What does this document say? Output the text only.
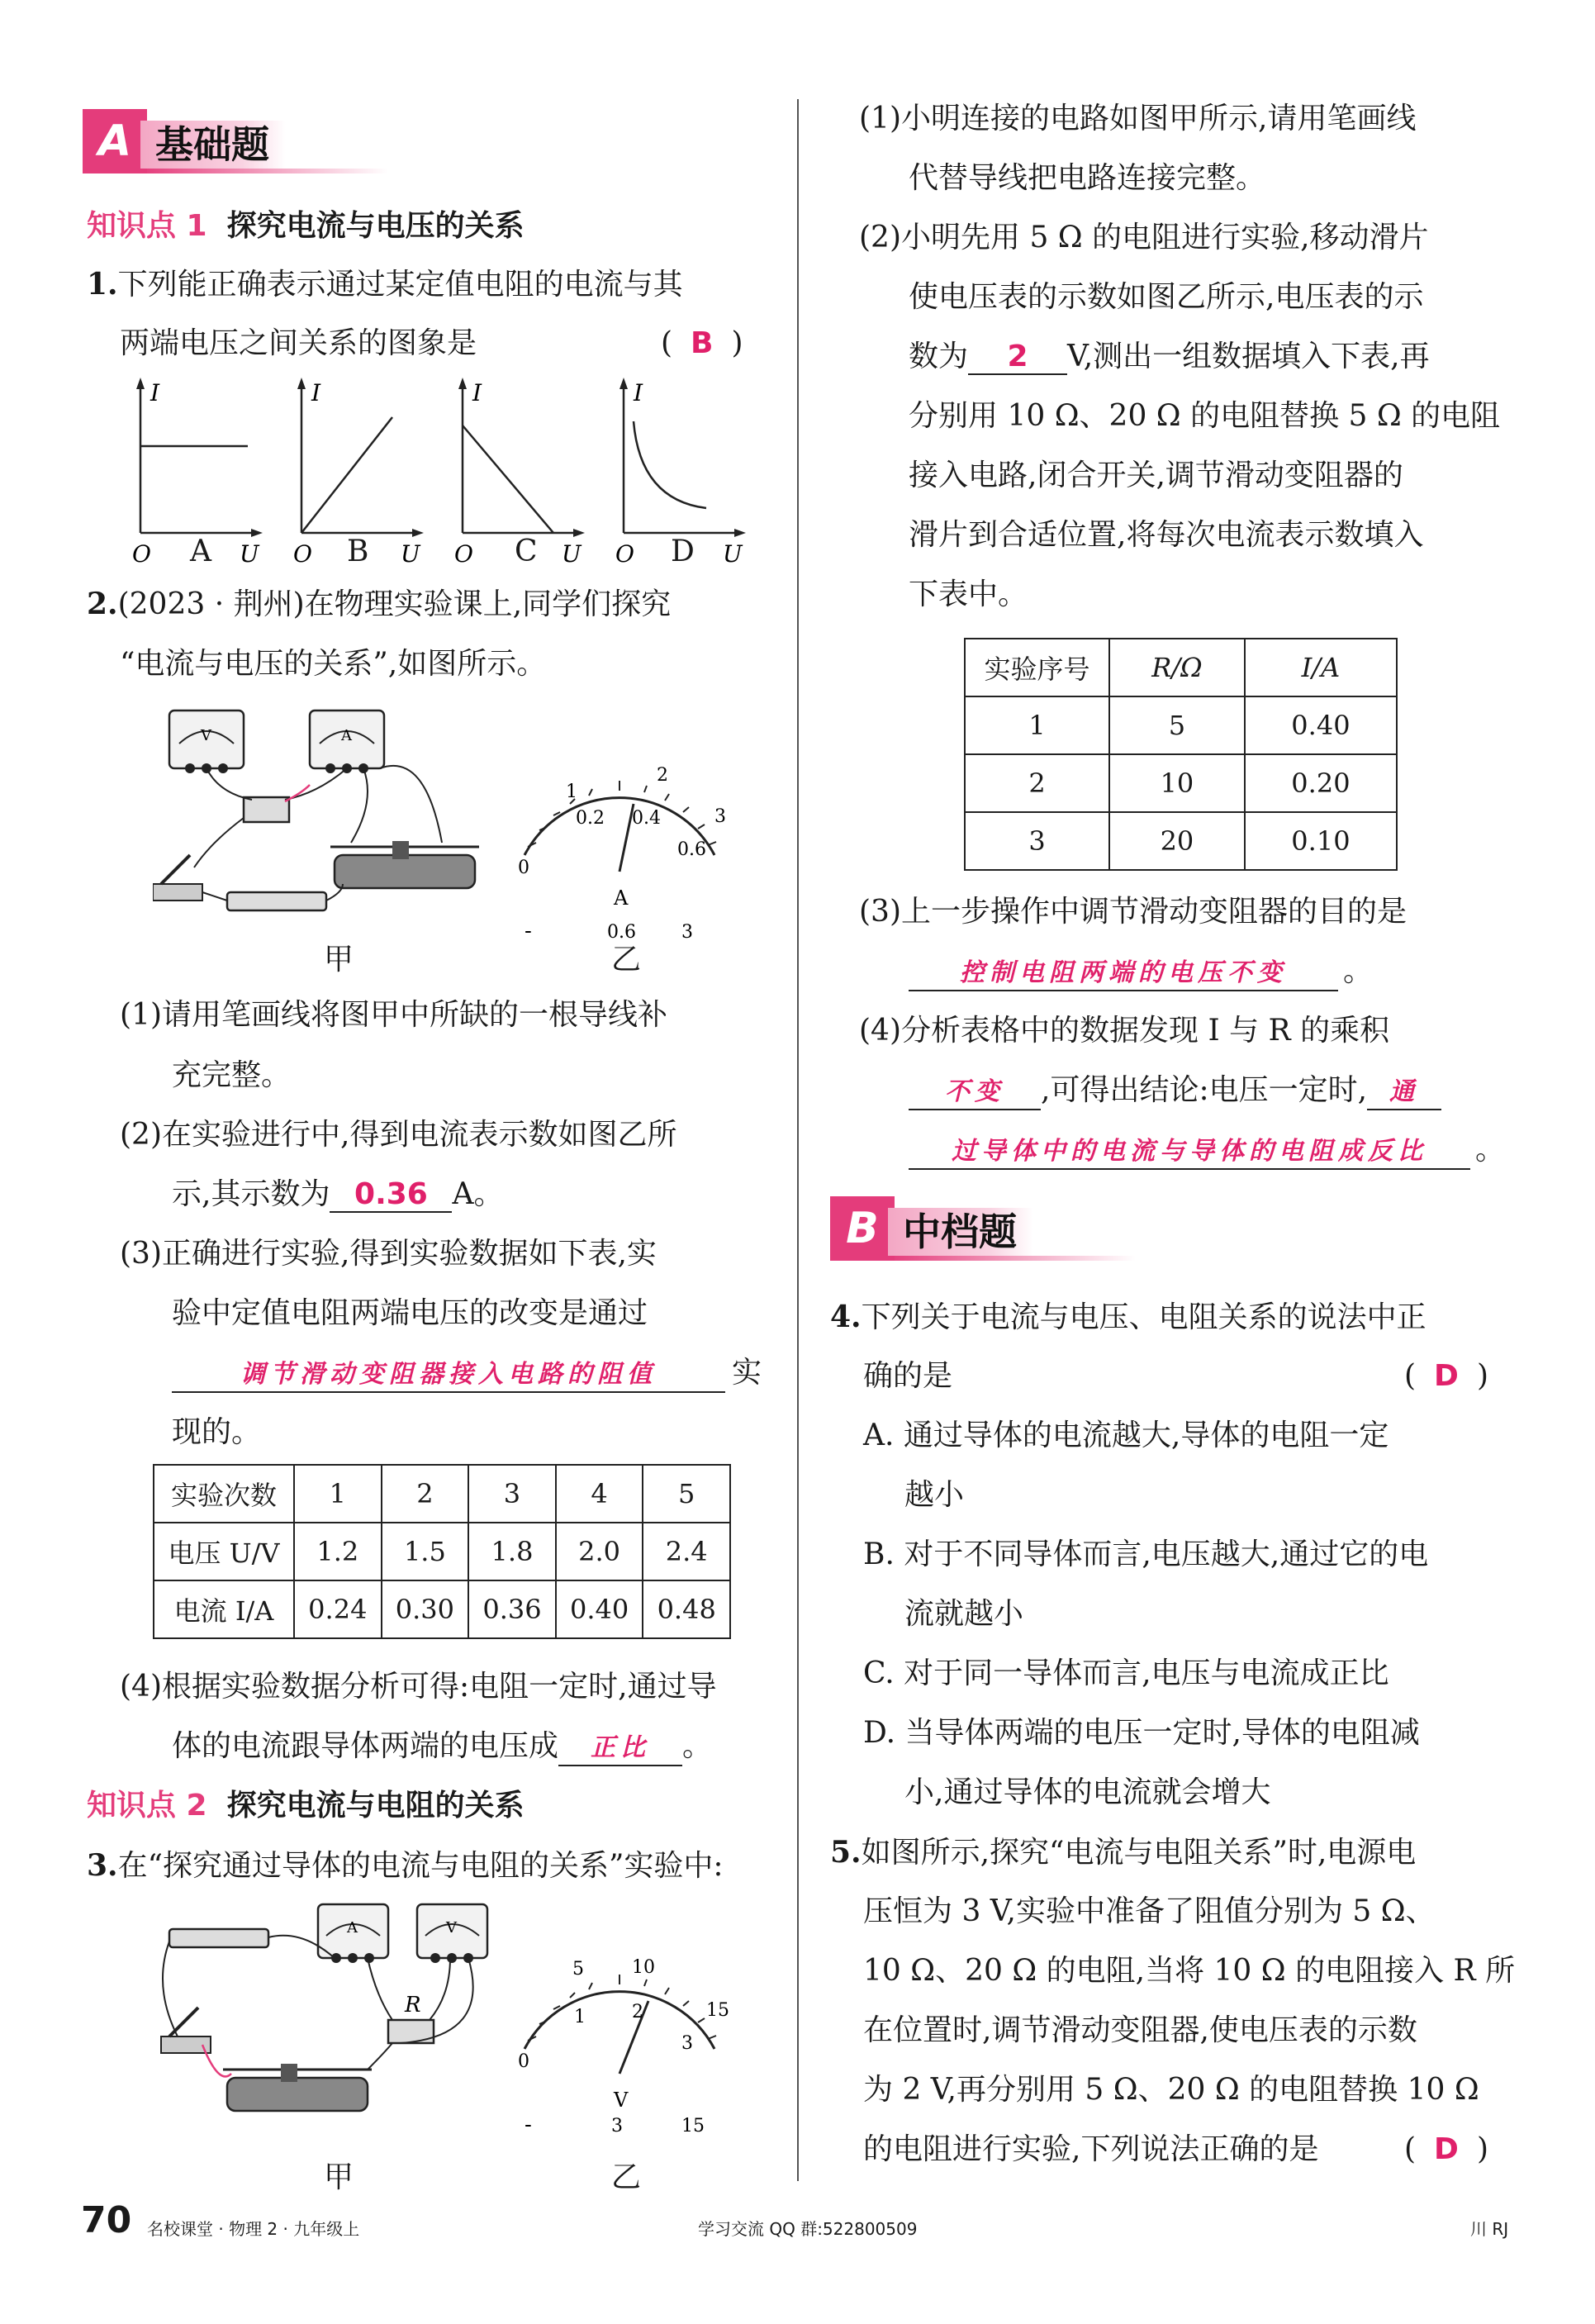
A 基础题
知识点 1 探究电流与电压的关系
1.下列能正确表示通过某定值电阻的电流与其
两端电压之间关系的图象是	( B )
I
O	U
I
O	U
I
O	U
I
O	U
A	B	C	D
2.(2023 · 荆州)在物理实验课上,同学们探究
“电流与电压的关系”,如图所示。
V	A
甲
0
0.2 0.4
0.6
1
2
3
A
-	0.6	3
乙
(1)请用笔画线将图甲中所缺的一根导线补
充完整。
(2)在实验进行中,得到电流表示数如图乙所
示,其示数为 0.36 A。
(3)正确进行实验,得到实验数据如下表,实
验中定值电阻两端电压的改变是通过
调节滑动变阻器接入电路的阻值	实
现的。
实验次数	1	2	3	4	5
电压 U/V	1.2	1.5	1.8	2.0	2.4
电流 I/A	0.24	0.30	0.36	0.40	0.48
(4)根据实验数据分析可得:电阻一定时,通过导
体的电流跟导体两端的电压成 正比 。
知识点 2 探究电流与电阻的关系
3.在“探究通过导体的电流与电阻的关系”实验中:
A	V
R
甲
0
1	2
3
5	10
15
V
-	3	15
乙
(1)小明连接的电路如图甲所示,请用笔画线
代替导线把电路连接完整。
(2)小明先用 5 Ω 的电阻进行实验,移动滑片
使电压表的示数如图乙所示,电压表的示
数为 2 V,测出一组数据填入下表,再
分别用 10 Ω、20 Ω 的电阻替换 5 Ω 的电阻
接入电路,闭合开关,调节滑动变阻器的
滑片到合适位置,将每次电流表示数填入
下表中。
实验序号	R/Ω	I/A
1	5	0.40
2	10	0.20
3	20	0.10
(3)上一步操作中调节滑动变阻器的目的是
控制电阻两端的电压不变 。
(4)分析表格中的数据发现 I 与 R 的乘积
不变 ,可得出结论:电压一定时, 通
过导体中的电流与导体的电阻成反比 。
B 中档题
4.下列关于电流与电压、电阻关系的说法中正
确的是	( D )
A. 通过导体的电流越大,导体的电阻一定
越小
B. 对于不同导体而言,电压越大,通过它的电
流就越小
C. 对于同一导体而言,电压与电流成正比
D. 当导体两端的电压一定时,导体的电阻减
小,通过导体的电流就会增大
5.如图所示,探究“电流与电阻关系”时,电源电
压恒为 3 V,实验中准备了阻值分别为 5 Ω、
10 Ω、20 Ω 的电阻,当将 10 Ω 的电阻接入 R 所
在位置时,调节滑动变阻器,使电压表的示数
为 2 V,再分别用 5 Ω、20 Ω 的电阻替换 10 Ω
的电阻进行实验,下列说法正确的是	( D )
70 名校课堂 · 物理 2 · 九年级上	学习交流 QQ 群:522800509	川 RJ
